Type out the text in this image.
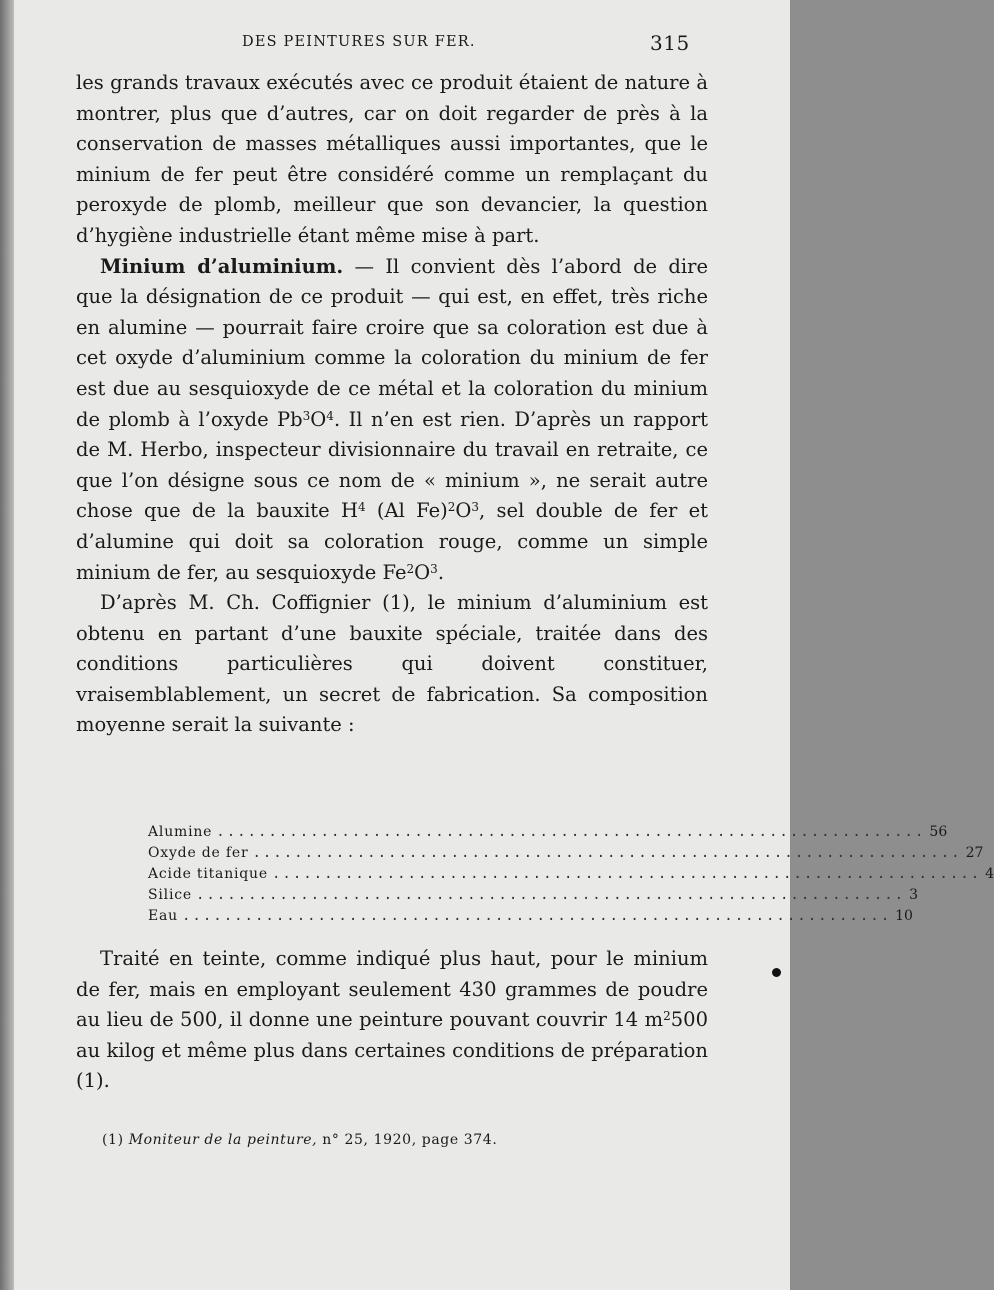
DES PEINTURES SUR FER.	315

les grands travaux exécutés avec ce produit étaient de nature à montrer, plus que d’autres, car on doit regarder de près à la conservation de masses métalliques aussi importantes, que le minium de fer peut être considéré comme un remplaçant du peroxyde de plomb, meilleur que son devancier, la question d’hygiène industrielle étant même mise à part.

Minium d’aluminium. — Il convient dès l’abord de dire que la désignation de ce produit — qui est, en effet, très riche en alumine — pourrait faire croire que sa coloration est due à cet oxyde d’aluminium comme la coloration du minium de fer est due au sesquioxyde de ce métal et la coloration du minium de plomb à l’oxyde $Pb^3O^4$. Il n’en est rien. D’après un rapport de M. Herbo, inspecteur divisionnaire du travail en retraite, ce que l’on désigne sous ce nom de « minium », ne serait autre chose que de la bauxite $H^4$ (Al $Fe)^2O^3$, sel double de fer et d’alumine qui doit sa coloration rouge, comme un simple minium de fer, au sesquioxyde $Fe^2O^3$.

D’après M. Ch. Coffignier (1), le minium d’aluminium est obtenu en partant d’une bauxite spéciale, traitée dans des conditions particulières qui doivent constituer, vraisemblablement, un secret de fabrication. Sa composition moyenne serait la suivante :

Alumine .................................................................... 56
Oxyde de fer .................................................................... 27
Acide titanique .................................................................... 4
Silice .................................................................... 3
Eau .................................................................... 10

Traité en teinte, comme indiqué plus haut, pour le minium de fer, mais en employant seulement 430 grammes de poudre au lieu de 500, il donne une peinture pouvant couvrir 14 $m^2500$ au kilog et même plus dans certaines conditions de préparation (1).

(1) Moniteur de la peinture, n° 25, 1920, page 374.
